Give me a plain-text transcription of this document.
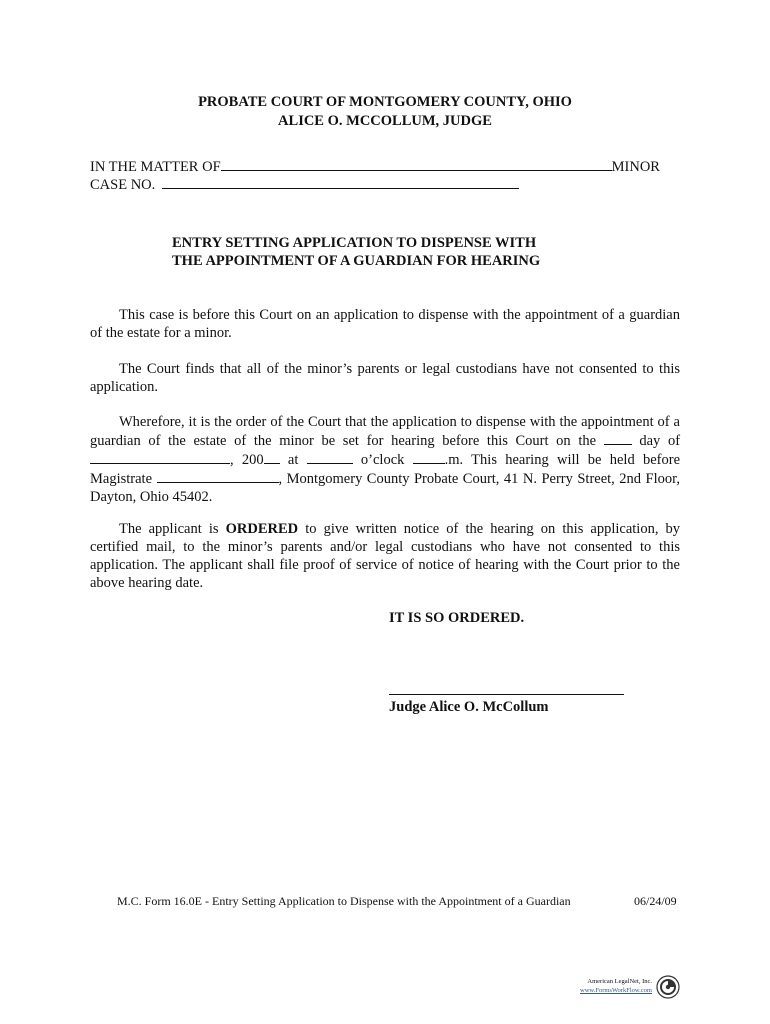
PROBATE COURT OF MONTGOMERY COUNTY, OHIO
ALICE O. MCCOLLUM, JUDGE
IN THE MATTER OF	MINOR
CASE NO.
ENTRY SETTING APPLICATION TO DISPENSE WITH
THE APPOINTMENT OF A GUARDIAN FOR HEARING

This case is before this Court on an application to dispense with the appointment of a guardian of the estate for a minor.

The Court finds that all of the minor’s parents or legal custodians have not consented to this application.

Wherefore, it is the order of the Court that the application to dispense with the appointment of a guardian of the estate of the minor be set for hearing before this Court on the	day of , 200 at	o’clock	.m. This hearing will be held before Magistrate	, Montgomery County Probate Court, 41 N. Perry Street, 2nd Floor, Dayton, Ohio 45402.

The applicant is ORDERED to give written notice of the hearing on this application, by certified mail, to the minor’s parents and/or legal custodians who have not consented to this application. The applicant shall file proof of service of notice of hearing with the Court prior to the above hearing date.

IT IS SO ORDERED.
Judge Alice O. McCollum
M.C. Form 16.0E - Entry Setting Application to Dispense with the Appointment of a Guardian	06/24/09
American LegalNet, Inc.
www.FormsWorkFlow.com
